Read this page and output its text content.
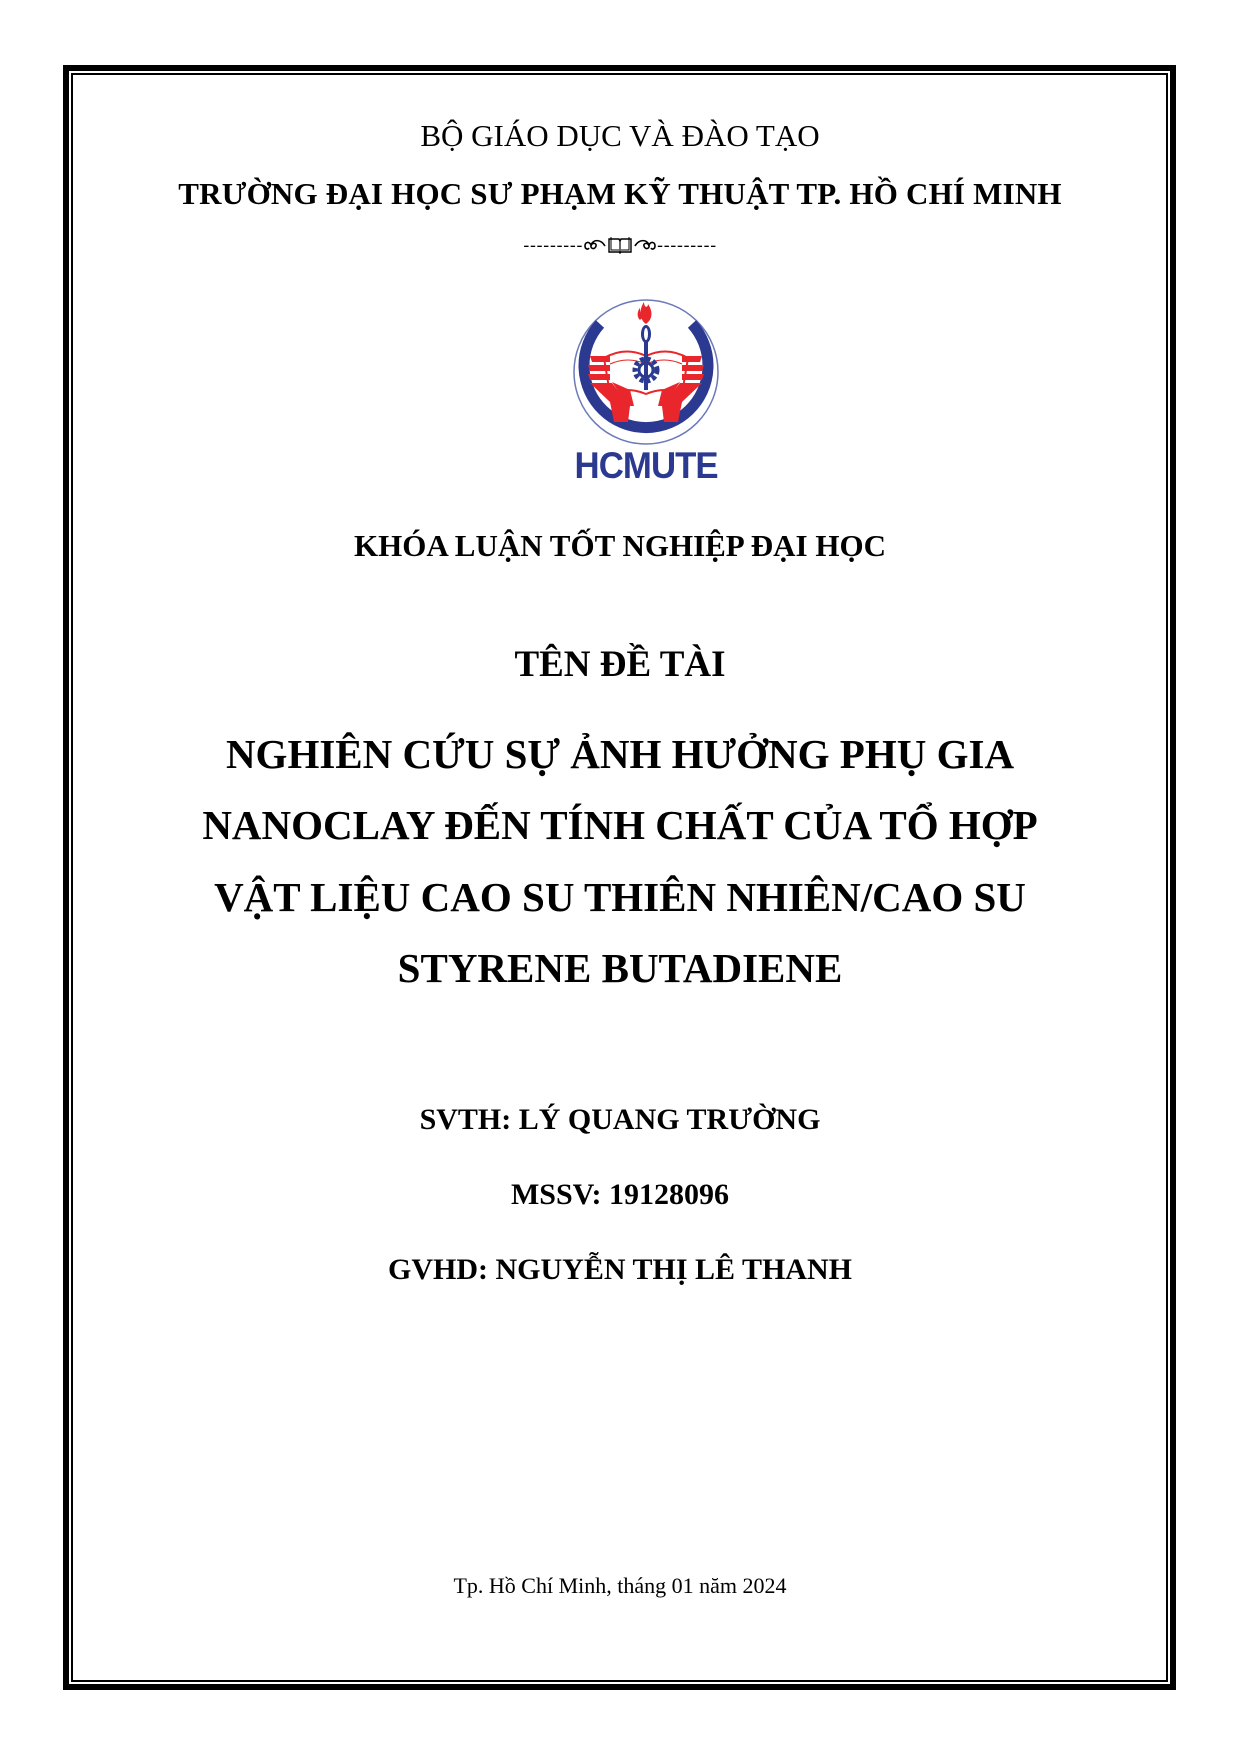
BỘ GIÁO DỤC VÀ ĐÀO TẠO
TRƯỜNG ĐẠI HỌC SƯ PHẠM KỸ THUẬT TP. HỒ CHÍ MINH
---------	---------
HCMUTE
KHÓA LUẬN TỐT NGHIỆP ĐẠI HỌC
TÊN ĐỀ TÀI
NGHIÊN CỨU SỰ ẢNH HƯỞNG PHỤ GIA
NANOCLAY ĐẾN TÍNH CHẤT CỦA TỔ HỢP
VẬT LIỆU CAO SU THIÊN NHIÊN/CAO SU
STYRENE BUTADIENE
SVTH: LÝ QUANG TRƯỜNG
MSSV: 19128096
GVHD: NGUYỄN THỊ LÊ THANH
Tp. Hồ Chí Minh, tháng 01 năm 2024
